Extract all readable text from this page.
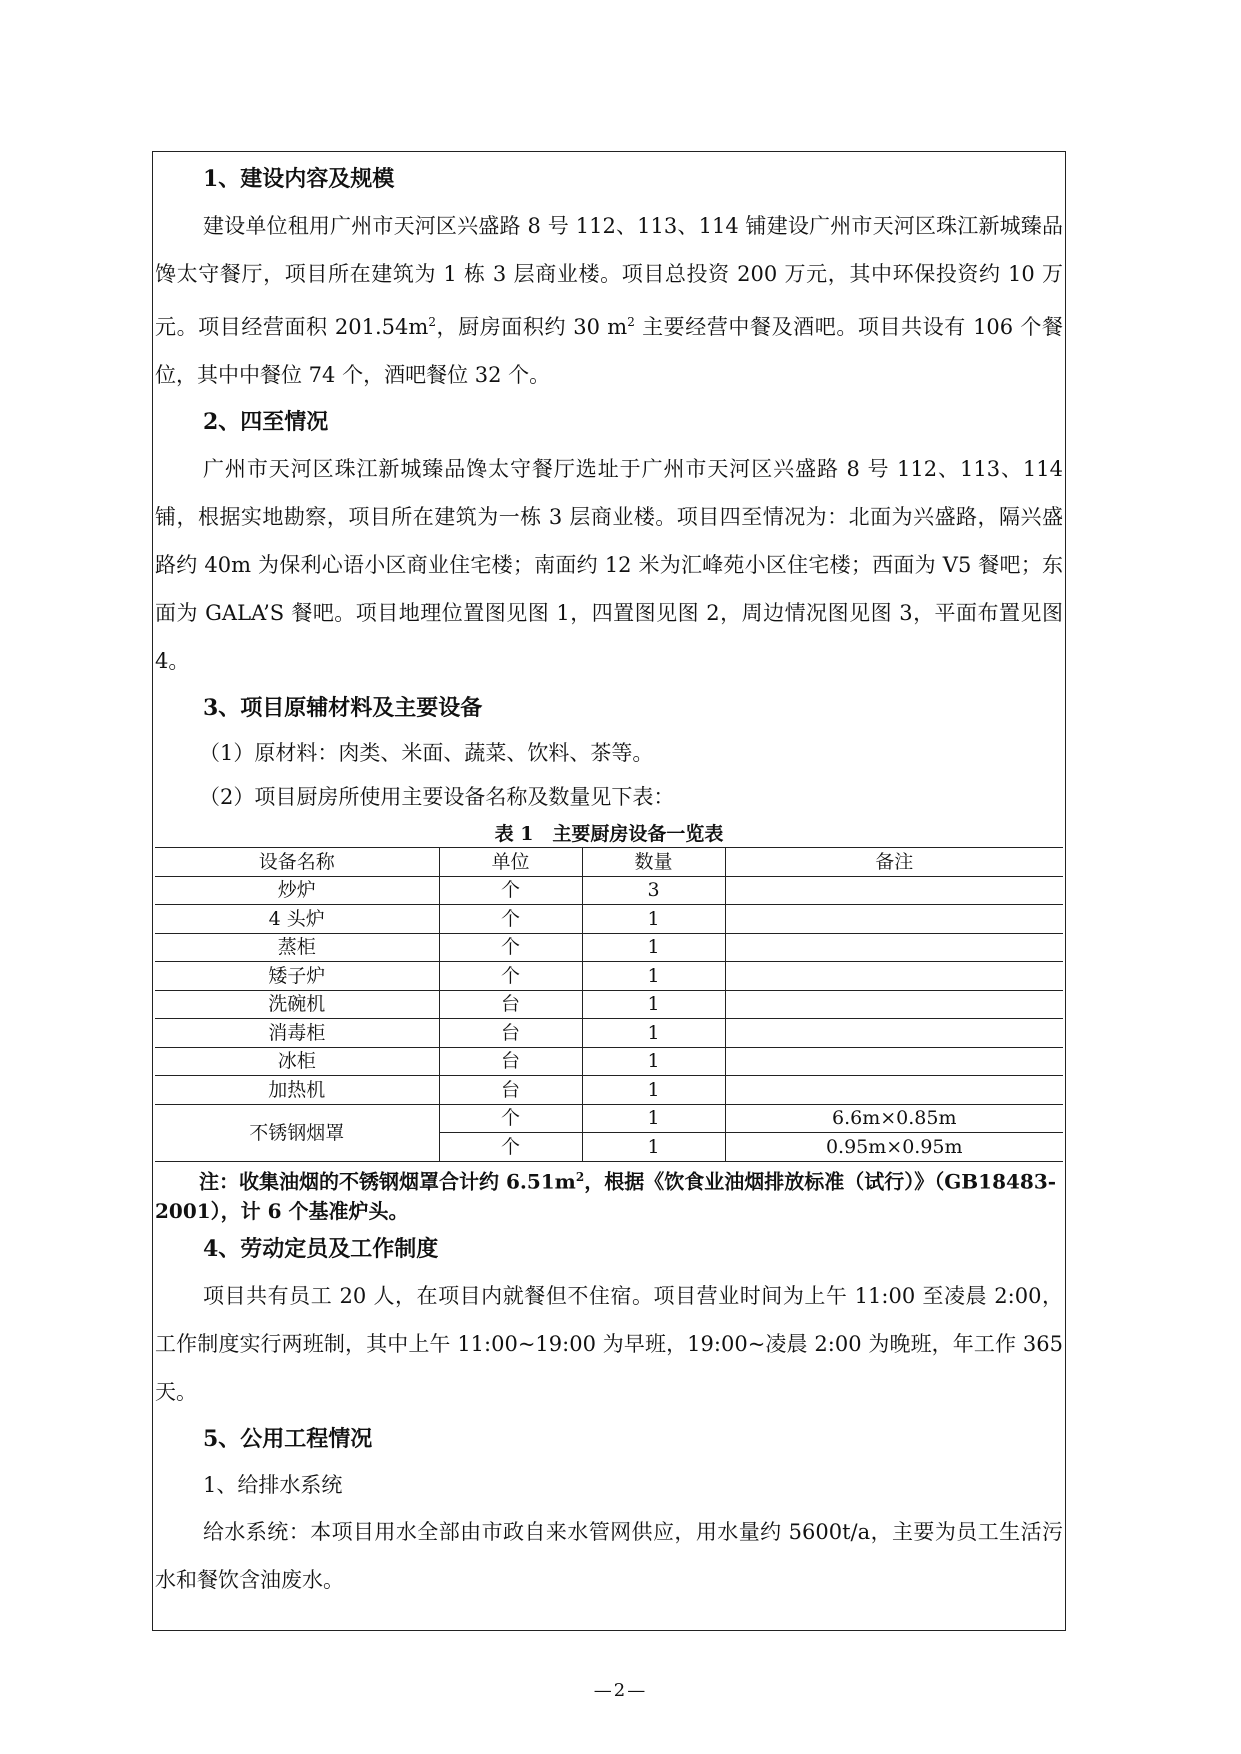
1、建设内容及规模

建设单位租用广州市天河区兴盛路 8 号 112、113、114 铺建设广州市天河区珠江新城臻品馋太守餐厅，项目所在建筑为 1 栋 3 层商业楼。项目总投资 200 万元，其中环保投资约 10 万元。项目经营面积 $201.54m^2$，厨房面积约 30 $m^2$ 主要经营中餐及酒吧。项目共设有 106 个餐位，其中中餐位 74 个，酒吧餐位 32 个。

2、四至情况

广州市天河区珠江新城臻品馋太守餐厅选址于广州市天河区兴盛路 8 号 112、113、114 铺，根据实地勘察，项目所在建筑为一栋 3 层商业楼。项目四至情况为：北面为兴盛路，隔兴盛路约 40m 为保利心语小区商业住宅楼；南面约 12 米为汇峰苑小区住宅楼；西面为 V5 餐吧；东面为 GALA’S 餐吧。项目地理位置图见图 1，四置图见图 2，周边情况图见图 3，平面布置见图 4。

3、项目原辅材料及主要设备

（1）原材料：肉类、米面、蔬菜、饮料、茶等。

（2）项目厨房所使用主要设备名称及数量见下表：

表 1　主要厨房设备一览表

设备名称	单位	数量	备注
炒炉	个	3	
4 头炉	个	1	
蒸柜	个	1	
矮子炉	个	1	
洗碗机	台	1	
消毒柜	台	1	
冰柜	台	1	
加热机	台	1	
不锈钢烟罩	个	1	6.6m×0.85m
	个	1	0.95m×0.95m

注：收集油烟的不锈钢烟罩合计约 $6.51m^2$，根据《饮食业油烟排放标准（试行）》（GB18483-2001），计 6 个基准炉头。

4、劳动定员及工作制度

项目共有员工 20 人，在项目内就餐但不住宿。项目营业时间为上午 11:00 至凌晨 2:00，工作制度实行两班制，其中上午 11:00~19:00 为早班，19:00~凌晨 2:00 为晚班，年工作 365 天。

5、公用工程情况

1、给排水系统

给水系统：本项目用水全部由市政自来水管网供应，用水量约 5600t/a，主要为员工生活污水和餐饮含油废水。

—2—
